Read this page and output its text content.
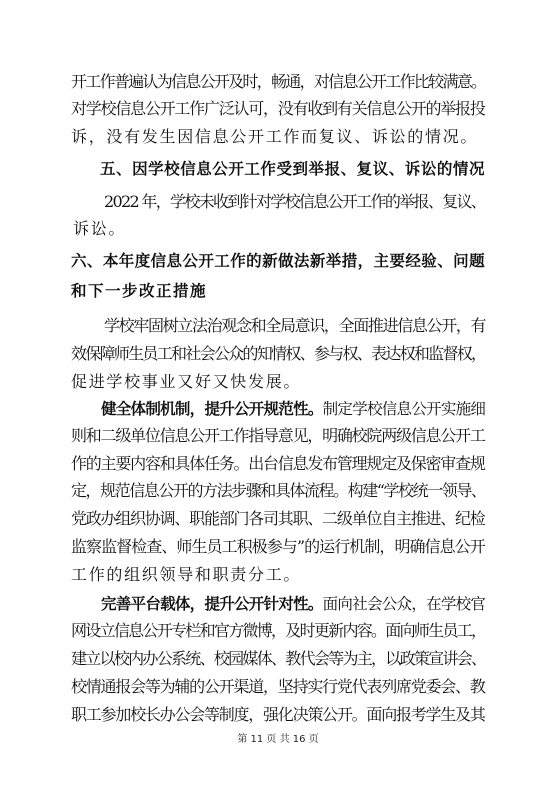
开工作普遍认为信息公开及时，畅通，对信息公开工作比较满意。
对学校信息公开工作广泛认可，没有收到有关信息公开的举报投
诉，没有发生因信息公开工作而复议、诉讼的情况。
五、因学校信息公开工作受到举报、复议、诉讼的情况
2022 年，学校未收到针对学校信息公开工作的举报、复议、
诉讼。
六、本年度信息公开工作的新做法新举措，主要经验、问题
和下一步改正措施
学校牢固树立法治观念和全局意识，全面推进信息公开，有
效保障师生员工和社会公众的知情权、参与权、表达权和监督权，
促进学校事业又好又快发展。
健全体制机制，提升公开规范性。制定学校信息公开实施细
则和二级单位信息公开工作指导意见，明确校院两级信息公开工
作的主要内容和具体任务。出台信息发布管理规定及保密审查规
定，规范信息公开的方法步骤和具体流程。构建“学校统一领导、
党政办组织协调、职能部门各司其职、二级单位自主推进、纪检
监察监督检查、师生员工积极参与”的运行机制，明确信息公开
工作的组织领导和职责分工。
完善平台载体，提升公开针对性。面向社会公众，在学校官
网设立信息公开专栏和官方微博，及时更新内容。面向师生员工，
建立以校内办公系统、校园媒体、教代会等为主，以政策宣讲会、
校情通报会等为辅的公开渠道，坚持实行党代表列席党委会、教
职工参加校长办公会等制度，强化决策公开。面向报考学生及其
第 11 页 共 16 页
